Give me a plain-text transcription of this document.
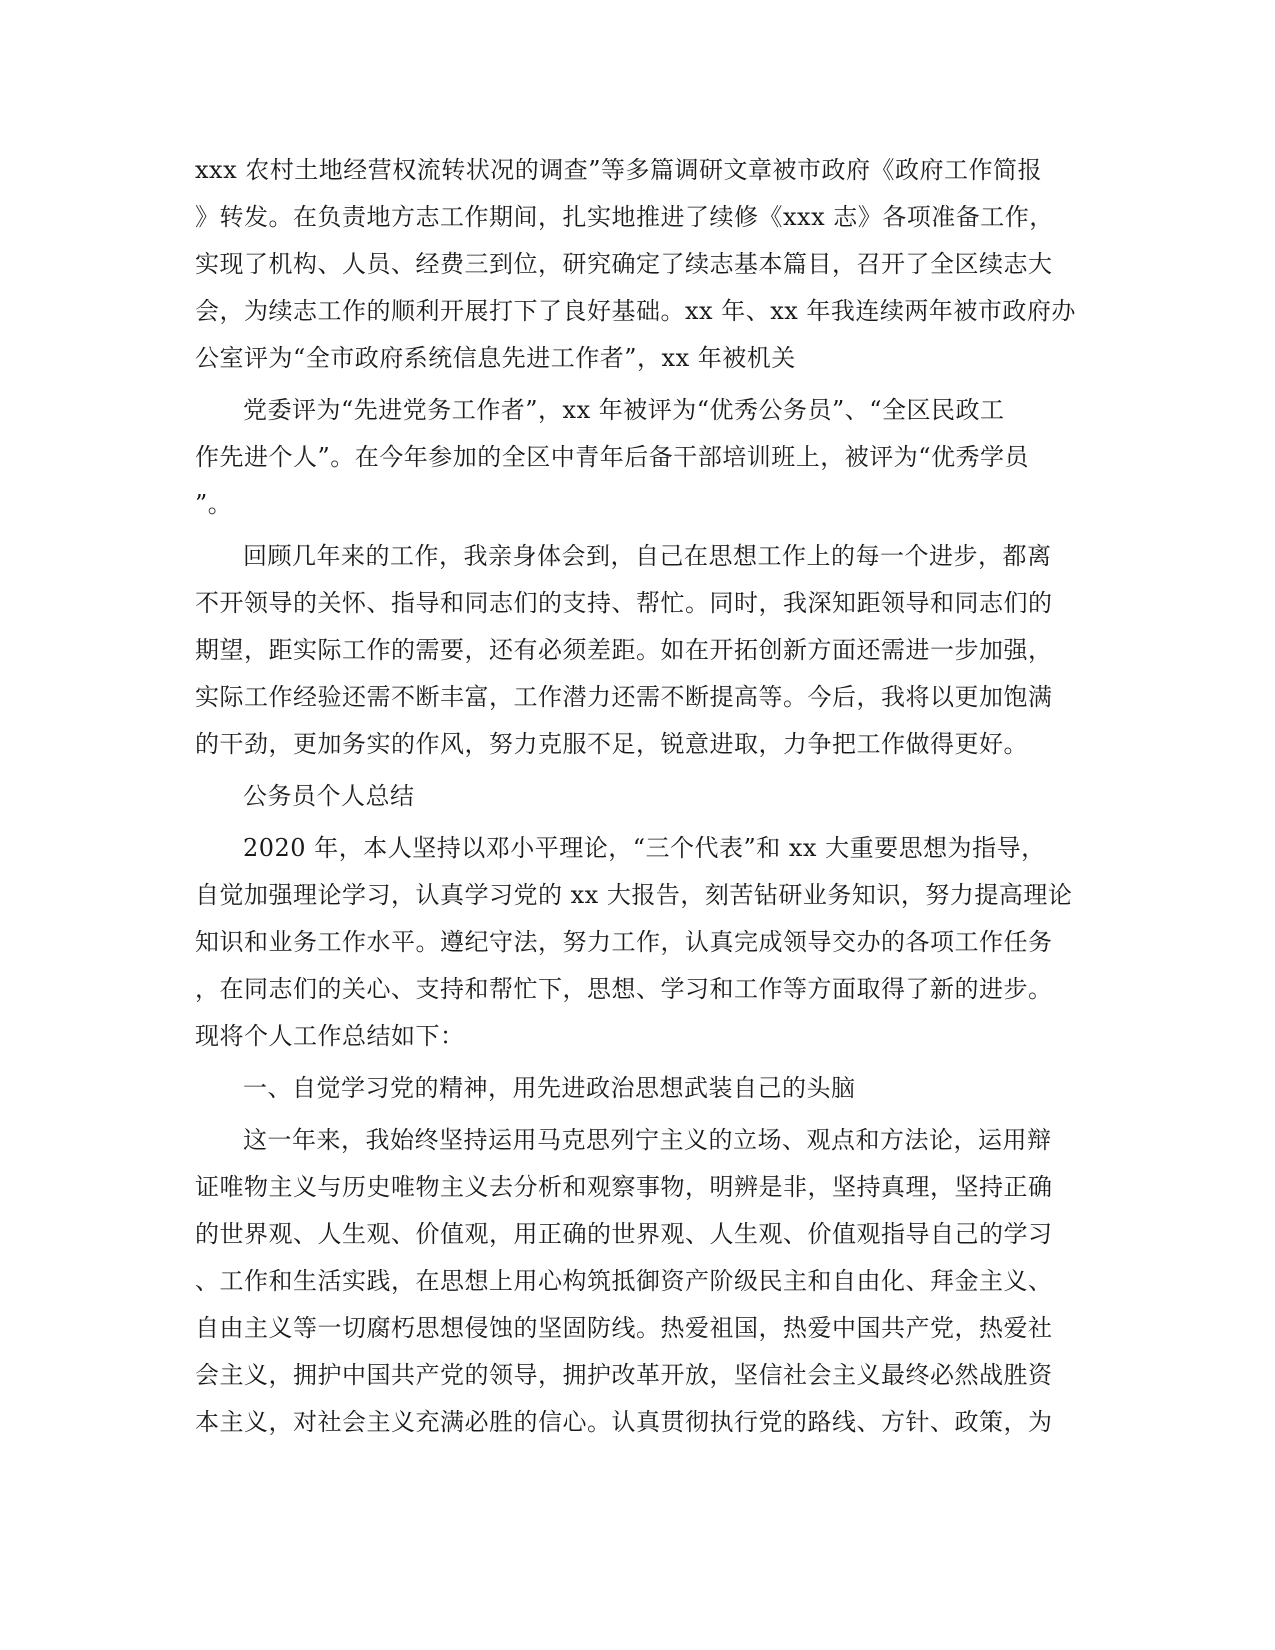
xxx 农村土地经营权流转状况的调查”等多篇调研文章被市政府《政府工作简报
》转发。在负责地方志工作期间，扎实地推进了续修《xxx 志》各项准备工作，
实现了机构、人员、经费三到位，研究确定了续志基本篇目，召开了全区续志大
会，为续志工作的顺利开展打下了良好基础。xx 年、xx 年我连续两年被市政府办
公室评为“全市政府系统信息先进工作者”，xx 年被机关
党委评为“先进党务工作者”，xx 年被评为“优秀公务员”、“全区民政工
作先进个人”。在今年参加的全区中青年后备干部培训班上，被评为“优秀学员
”。
回顾几年来的工作，我亲身体会到，自己在思想工作上的每一个进步，都离
不开领导的关怀、指导和同志们的支持、帮忙。同时，我深知距领导和同志们的
期望，距实际工作的需要，还有必须差距。如在开拓创新方面还需进一步加强，
实际工作经验还需不断丰富，工作潜力还需不断提高等。今后，我将以更加饱满
的干劲，更加务实的作风，努力克服不足，锐意进取，力争把工作做得更好。
公务员个人总结
2020 年，本人坚持以邓小平理论，“三个代表”和 xx 大重要思想为指导，
自觉加强理论学习，认真学习党的 xx 大报告，刻苦钻研业务知识，努力提高理论
知识和业务工作水平。遵纪守法，努力工作，认真完成领导交办的各项工作任务
，在同志们的关心、支持和帮忙下，思想、学习和工作等方面取得了新的进步。
现将个人工作总结如下：
一、自觉学习党的精神，用先进政治思想武装自己的头脑
这一年来，我始终坚持运用马克思列宁主义的立场、观点和方法论，运用辩
证唯物主义与历史唯物主义去分析和观察事物，明辨是非，坚持真理，坚持正确
的世界观、人生观、价值观，用正确的世界观、人生观、价值观指导自己的学习
、工作和生活实践，在思想上用心构筑抵御资产阶级民主和自由化、拜金主义、
自由主义等一切腐朽思想侵蚀的坚固防线。热爱祖国，热爱中国共产党，热爱社
会主义，拥护中国共产党的领导，拥护改革开放，坚信社会主义最终必然战胜资
本主义，对社会主义充满必胜的信心。认真贯彻执行党的路线、方针、政策，为
